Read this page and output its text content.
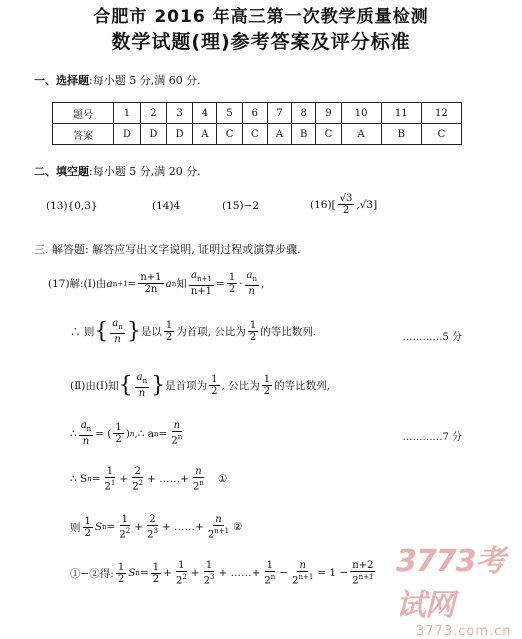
合肥市 2016 年高三第一次教学质量检测
数学试题(理)参考答案及评分标准
一、选择题:每小题 5 分,满 60 分.
题号	1	2	3	4	5	6	7	8	9	10	11	12
答案	D	D	D	A	C	C	A	B	C	A	B	C
二、填空题:每小题 5 分,满 20 分.
(13){0,3}	(14)4	(15)−2	$(16)[ \frac{√3}{2} ,√3]$
三. 解答题: 解答应写出文字说明, 证明过程或演算步骤.
(17)解:(Ⅰ)由 a $n+1 = \frac{n+1}{2n}$ a n 知 $\frac{a_{n+1}}{n+1} = \frac{1}{2} \cdot \frac{a_n}{n}$ ,
∴ 则 { $\frac{a_n}{n}$ } 是以 $\frac{1}{2}$ 为首项, 公比为 $\frac{1}{2}$ 的等比数列.	…………5 分
(Ⅱ)由(Ⅰ)知 { $\frac{a_n}{n}$ } 是首项为 $\frac{1}{2}$ , 公比为 $\frac{1}{2}$ 的等比数列,
∴ $\frac{a_n}{n}$ = ( $\frac{1}{2}$ ) n ,∴ a $n = \frac{n}{2^n}$	…………7 分
∴ S $n = \frac{1}{2^1} + \frac{2}{2^2}$ + ……+ $\frac{n}{2^n}$ ①
则 $\frac{1}{2}$ S $n = \frac{1}{2^2} + \frac{2}{2^3}$ + ……+ $\frac{n}{2^{n+1}}$ ②
①−②得: $\frac{1}{2}$ S $n = \frac{1}{2} + \frac{1}{2^2} + \frac{1}{2^3}$ + ……+ $\frac{1}{2^n} - \frac{n}{2^{n+1}} = 1 - \frac{n+2}{2^{n+1}} 3773$考试网
3773.com.cn
